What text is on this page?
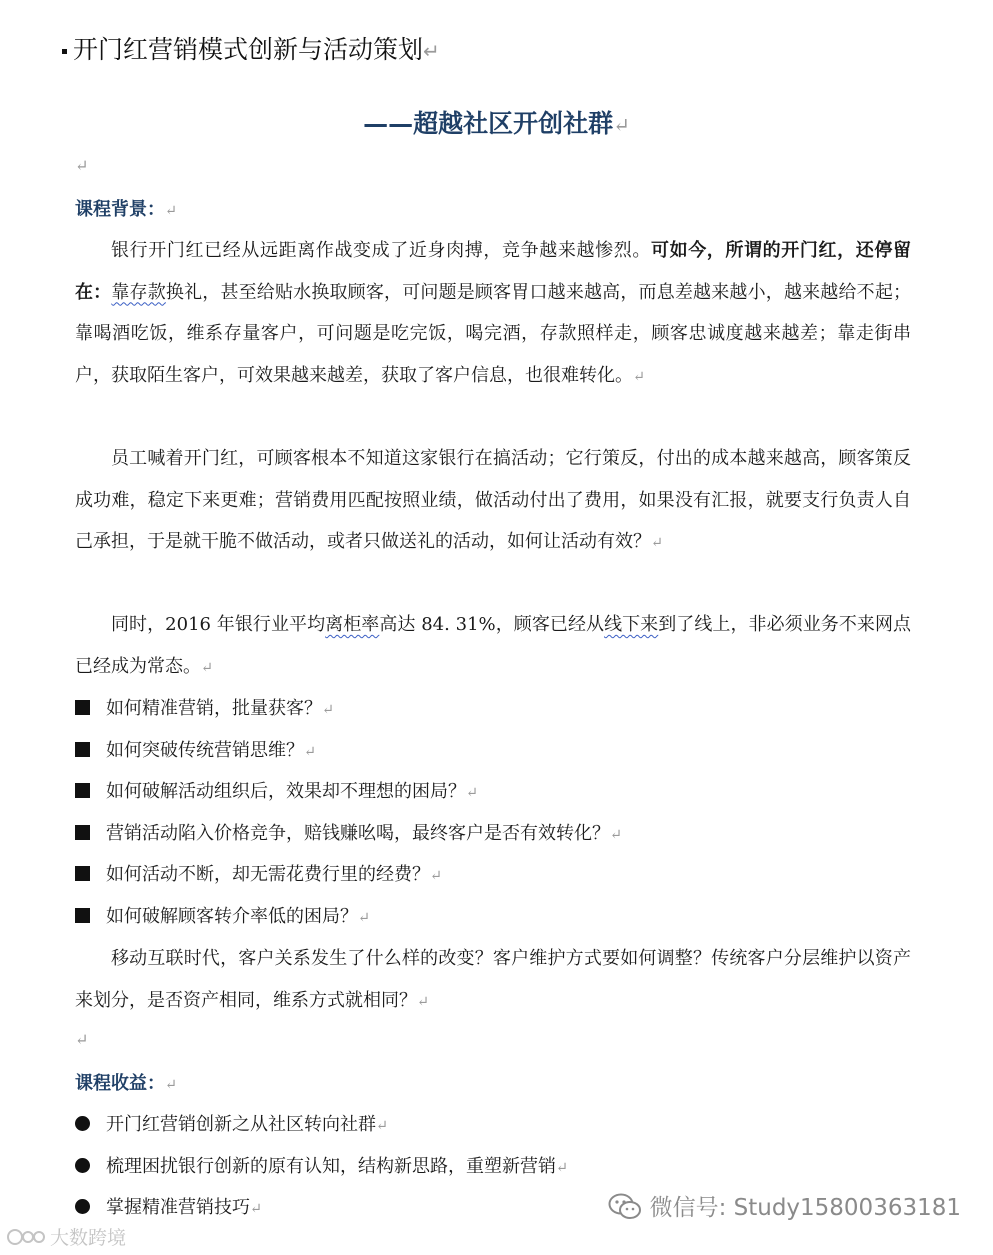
开门红营销模式创新与活动策划↵
——超越社区开创社群↵
↵
课程背景：↵

银行开门红已经从远距离作战变成了近身肉搏，竞争越来越惨烈。可如今，所谓的开门红，还停留在：靠存款换礼，甚至给贴水换取顾客，可问题是顾客胃口越来越高，而息差越来越小，越来越给不起；靠喝酒吃饭，维系存量客户，可问题是吃完饭，喝完酒，存款照样走，顾客忠诚度越来越差；靠走街串户，获取陌生客户，可效果越来越差，获取了客户信息，也很难转化。↵

员工喊着开门红，可顾客根本不知道这家银行在搞活动；它行策反，付出的成本越来越高，顾客策反成功难，稳定下来更难；营销费用匹配按照业绩，做活动付出了费用，如果没有汇报，就要支行负责人自己承担，于是就干脆不做活动，或者只做送礼的活动，如何让活动有效？↵

同时，2016 年银行业平均离柜率高达 84. 31%，顾客已经从线下来到了线上，非必须业务不来网点已经成为常态。↵

如何精准营销，批量获客？↵
如何突破传统营销思维？↵
如何破解活动组织后，效果却不理想的困局？↵
营销活动陷入价格竞争，赔钱赚吆喝，最终客户是否有效转化？↵
如何活动不断，却无需花费行里的经费？↵
如何破解顾客转介率低的困局？↵

移动互联时代，客户关系发生了什么样的改变？客户维护方式要如何调整？传统客户分层维护以资产来划分，是否资产相同，维系方式就相同？↵

↵
课程收益：↵
开门红营销创新之从社区转向社群↵
梳理困扰银行创新的原有认知，结构新思路，重塑新营销↵
掌握精准营销技巧↵	微信号: Study15800363181
大数跨境
